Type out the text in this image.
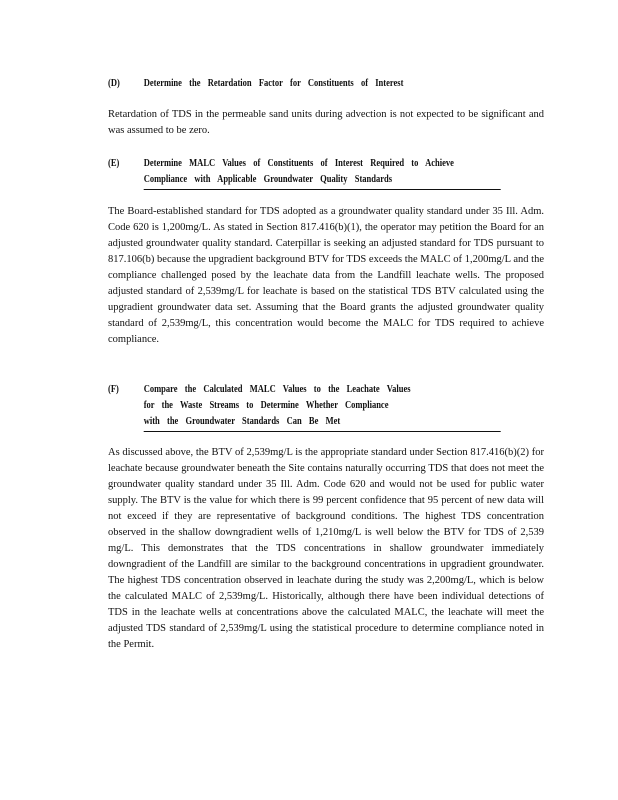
(D) Determine the Retardation Factor for Constituents of Interest
Retardation of TDS in the permeable sand units during advection is not expected to be significant and was assumed to be zero.
(E) Determine MALC Values of Constituents of Interest Required to Achieve
Compliance with Applicable Groundwater Quality Standards
The Board-established standard for TDS adopted as a groundwater quality standard under 35 Ill. Adm. Code 620 is 1,200mg/L. As stated in Section 817.416(b)(1), the operator may petition the Board for an adjusted groundwater quality standard. Caterpillar is seeking an adjusted standard for TDS pursuant to 817.106(b) because the upgradient background BTV for TDS exceeds the MALC of 1,200mg/L and the compliance challenged posed by the leachate data from the Landfill leachate wells. The proposed adjusted standard of 2,539mg/L for leachate is based on the statistical TDS BTV calculated using the upgradient groundwater data set. Assuming that the Board grants the adjusted groundwater quality standard of 2,539mg/L, this concentration would become the MALC for TDS required to achieve compliance.
(F) Compare the Calculated MALC Values to the Leachate Values
for the Waste Streams to Determine Whether Compliance
with the Groundwater Standards Can Be Met
As discussed above, the BTV of 2,539mg/L is the appropriate standard under Section 817.416(b)(2) for leachate because groundwater beneath the Site contains naturally occurring TDS that does not meet the groundwater quality standard under 35 Ill. Adm. Code 620 and would not be used for public water supply. The BTV is the value for which there is 99 percent confidence that 95 percent of new data will not exceed if they are representative of background conditions. The highest TDS concentration observed in the shallow downgradient wells of 1,210mg/L is well below the BTV for TDS of 2,539 mg/L. This demonstrates that the TDS concentrations in shallow groundwater immediately downgradient of the Landfill are similar to the background concentrations in upgradient groundwater. The highest TDS concentration observed in leachate during the study was 2,200mg/L, which is below the calculated MALC of 2,539mg/L. Historically, although there have been individual detections of TDS in the leachate wells at concentrations above the calculated MALC, the leachate will meet the adjusted TDS standard of 2,539mg/L using the statistical procedure to determine compliance noted in the Permit.
